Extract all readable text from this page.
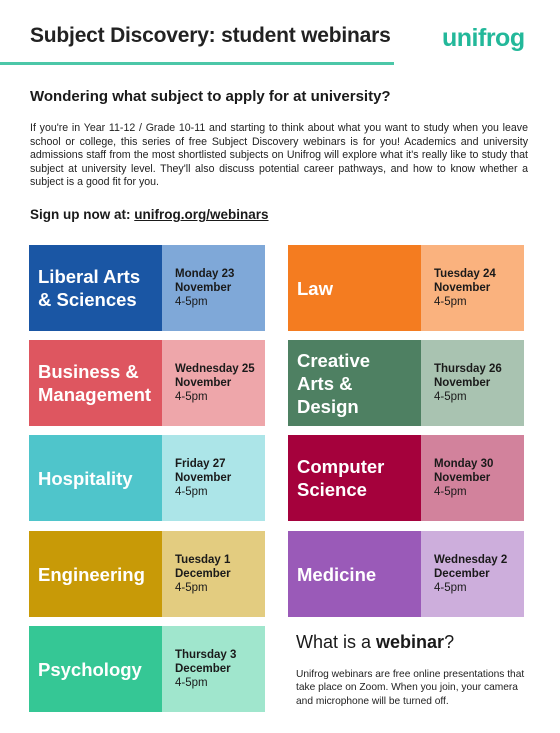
Subject Discovery: student webinars unifrog
Wondering what subject to apply for at university?
If you're in Year 11-12 / Grade 10-11 and starting to think about what you want to study when you leave school or college, this series of free Subject Discovery webinars is for you! Academics and university admissions staff from the most shortlisted subjects on Unifrog will explore what it's really like to study that subject at university level. They'll also discuss potential career pathways, and how to know whether a subject is a good fit for you.
Sign up now at: unifrog.org/webinars
Liberal Arts
& Sciences
Monday 23
November
4-5pm
Law
Tuesday 24
November
4-5pm
Business &
Management
Wednesday 25
November
4-5pm
Creative
Arts &
Design
Thursday 26
November
4-5pm
Hospitality
Friday 27
November
4-5pm
Computer
Science
Monday 30
November
4-5pm
Engineering
Tuesday 1
December
4-5pm
Medicine
Wednesday 2
December
4-5pm
Psychology
Thursday 3
December
4-5pm
What is a webinar?
Unifrog webinars are free online presentations that take place on Zoom. When you join, your camera and microphone will be turned off.
